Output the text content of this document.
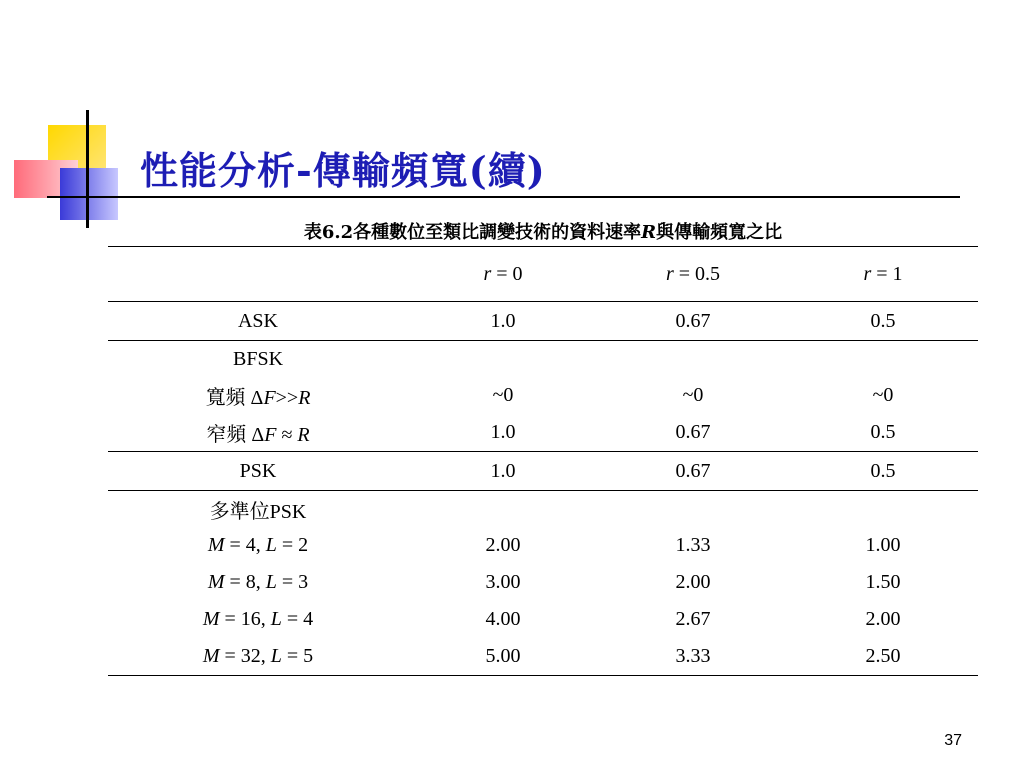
性能分析-傳輸頻寬(續)
表6.2各種數位至類比調變技術的資料速率R與傳輸頻寬之比
	r = 0	r = 0.5	r = 1
ASK	1.0	0.67	0.5
BFSK			
寬頻 ΔF>>R	~0	~0	~0
窄頻 ΔF ≈ R	1.0	0.67	0.5
PSK	1.0	0.67	0.5
多準位PSK			
M = 4, L = 2	2.00	1.33	1.00
M = 8, L = 3	3.00	2.00	1.50
M = 16, L = 4	4.00	2.67	2.00
M = 32, L = 5	5.00	3.33	2.50
37
